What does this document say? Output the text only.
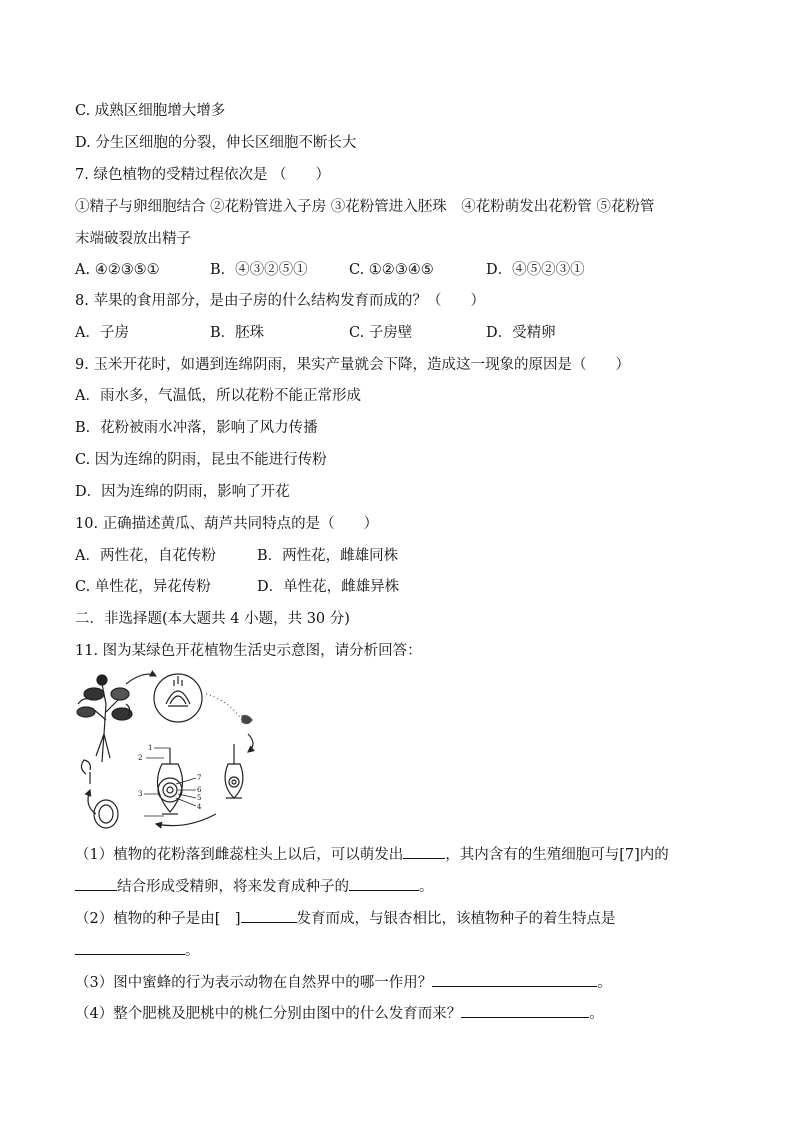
C. 成熟区细胞增大增多
D. 分生区细胞的分裂，伸长区细胞不断长大
7. 绿色植物的受精过程依次是 （　　）
①精子与卵细胞结合 ②花粉管进入子房 ③花粉管进入胚珠　④花粉萌发出花粉管 ⑤花粉管
末端破裂放出精子
A. ④②③⑤①	B．④③②⑤①	C. ①②③④⑤	D．④⑤②③①
8. 苹果的食用部分，是由子房的什么结构发育而成的？（　　）
A．子房	B．胚珠	C. 子房壁	D．受精卵
9. 玉米开花时，如遇到连绵阴雨，果实产量就会下降，造成这一现象的原因是（　　）
A．雨水多，气温低，所以花粉不能正常形成
B．花粉被雨水冲落，影响了风力传播
C. 因为连绵的阴雨，昆虫不能进行传粉
D．因为连绵的阴雨，影响了开花
10. 正确描述黄瓜、葫芦共同特点的是（　　）
A．两性花，自花传粉	B．两性花，雌雄同株
C. 单性花，异花传粉	D．单性花，雌雄异株
二．非选择题(本大题共 4 小题，共 30 分)
11. 图为某绿色开花植物生活史示意图，请分析回答：
1
2
3
4
5
6
7
（1）植物的花粉落到雌蕊柱头上以后，可以萌发出	，其内含有的生殖细胞可与[7]内的
结合形成受精卵，将来发育成种子的	。
（2）植物的种子是由[　]	发育而成，与银杏相比，该植物种子的着生特点是
。
（3）图中蜜蜂的行为表示动物在自然界中的哪一作用？	。
（4）整个肥桃及肥桃中的桃仁分别由图中的什么发育而来？	。
